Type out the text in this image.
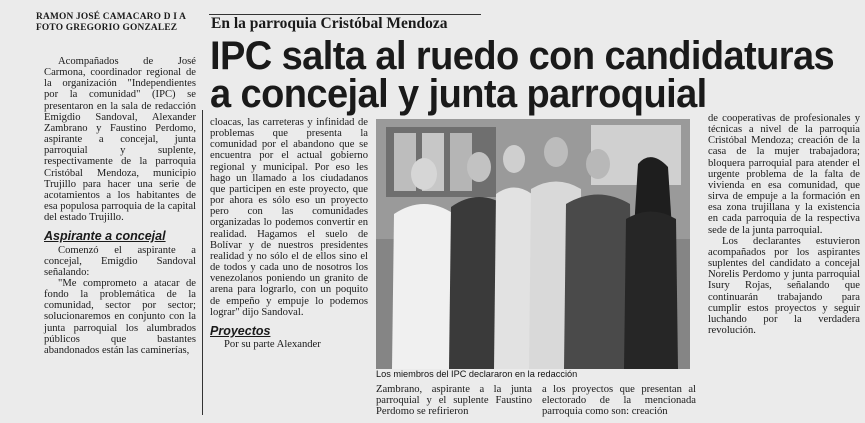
RAMON JOSÉ CAMACARO D I A
FOTO GREGORIO GONZALEZ	En la parroquia Cristóbal Mendoza
IPC salta al ruedo con candidaturas
a concejal y junta parroquial

Acompañados de José Carmona, coordinador regional de la organización "Independientes por la comunidad" (IPC) se presentaron en la sala de redacción Emigdio Sandoval, Alexander Zambrano y Faustino Perdomo, aspirante a concejal, junta parroquial y suplente, respectivamente de la parroquia Cristóbal Mendoza, municipio Trujillo para hacer una serie de acotamientos a los habitantes de esa populosa parroquia de la capital del estado Trujillo.

Aspirante a concejal

Comenzó el aspirante a concejal, Emigdio Sandoval señalando:

"Me comprometo a atacar de fondo la problemática de la comunidad, sector por sector; solucionaremos en conjunto con la junta parroquial los alumbrados públicos que bastantes abandonados están las caminerías,

cloacas, las carreteras y infinidad de problemas que presenta la comunidad por el abandono que se encuentra por el actual gobierno regional y municipal. Por eso les hago un llamado a los ciudadanos que participen en este proyecto, que por ahora es sólo eso un proyecto pero con las comunidades organizadas lo podemos convertir en realidad. Hagamos el suelo de Bolívar y de nuestros presidentes realidad y no sólo el de ellos sino el de todos y cada uno de nosotros los venezolanos poniendo un granito de arena para lograrlo, con un poquito de empeño y empuje lo podemos lograr" dijo Sandoval.

Proyectos

Por su parte Alexander

Los miembros del IPC declararon en la redacción

Zambrano, aspirante a la junta parroquial y el suplente Faustino Perdomo se refirieron

a los proyectos que presentan al electorado de la mencionada parroquia como son: creación

de cooperativas de profesionales y técnicas a nivel de la parroquia Cristóbal Mendoza; creación de la casa de la mujer trabajadora; bloquera parroquial para atender el urgente problema de la falta de vivienda en esa comunidad, que sirva de empuje a la formación en esa zona trujillana y la existencia en cada parroquia de la respectiva sede de la junta parroquial.

Los declarantes estuvieron acompañados por los aspirantes suplentes del candidato a concejal Norelis Perdomo y junta parroquial Isury Rojas, señalando que continuarán trabajando para cumplir estos proyectos y seguir luchando por la verdadera revolución.
